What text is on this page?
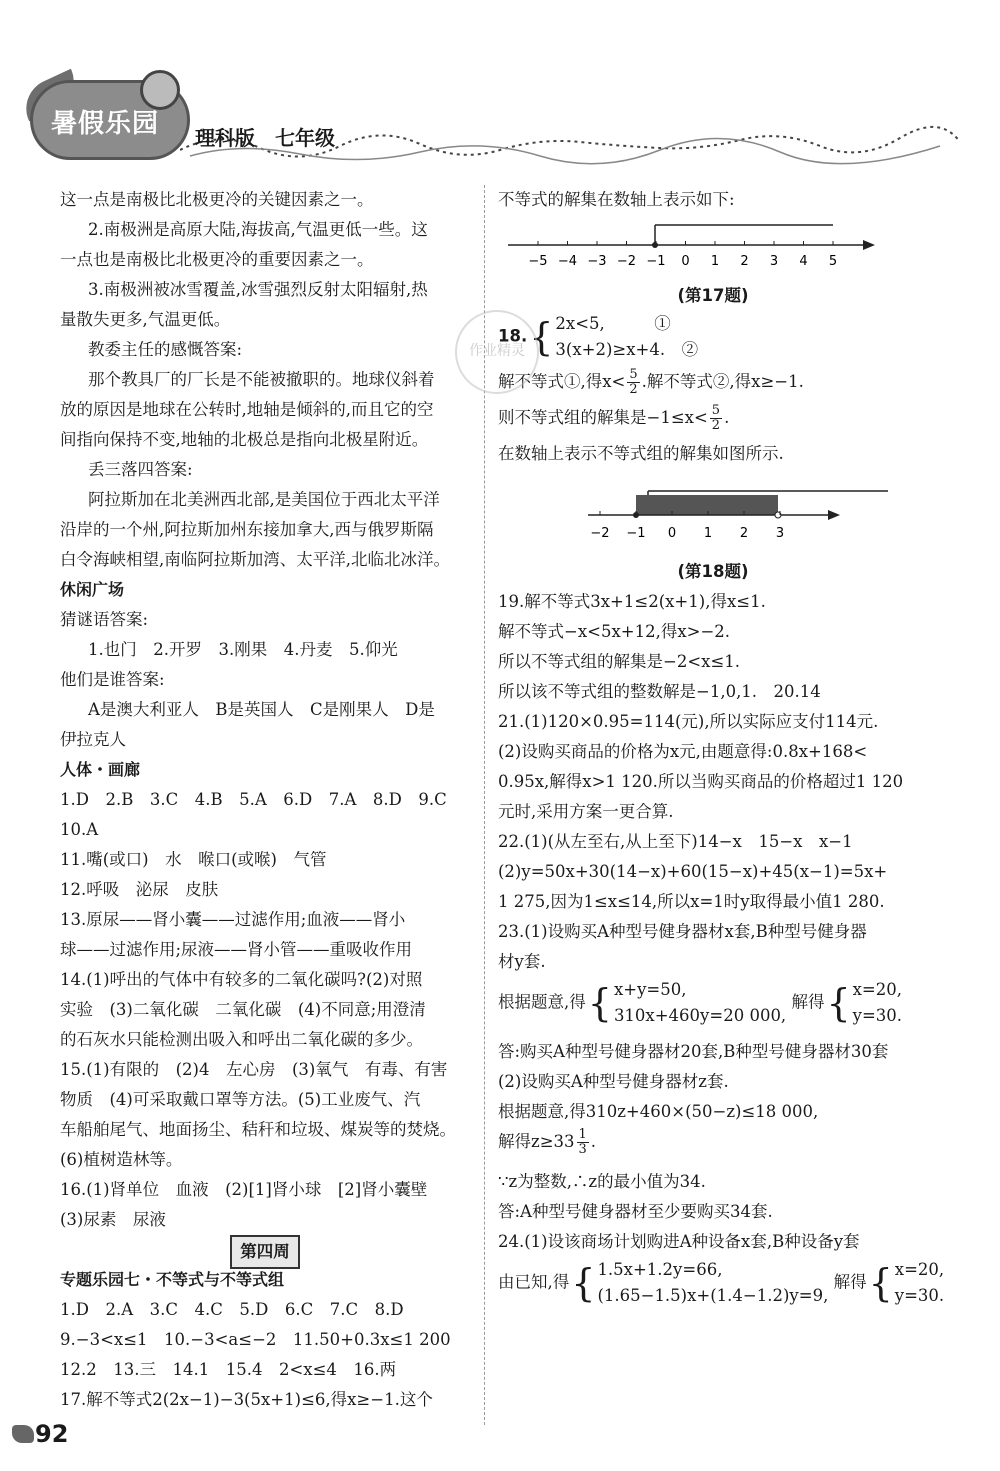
暑假乐园 理科版　七年级
这一点是南极比北极更冷的关键因素之一。
2.南极洲是高原大陆,海拔高,气温更低一些。这
一点也是南极比北极更冷的重要因素之一。
3.南极洲被冰雪覆盖,冰雪强烈反射太阳辐射,热
量散失更多,气温更低。
教委主任的感慨答案:
那个教具厂的厂长是不能被撤职的。地球仪斜着
放的原因是地球在公转时,地轴是倾斜的,而且它的空
间指向保持不变,地轴的北极总是指向北极星附近。
丢三落四答案:
阿拉斯加在北美洲西北部,是美国位于西北太平洋
沿岸的一个州,阿拉斯加州东接加拿大,西与俄罗斯隔
白令海峡相望,南临阿拉斯加湾、太平洋,北临北冰洋。
休闲广场
猜谜语答案:
1.也门　2.开罗　3.刚果　4.丹麦　5.仰光
他们是谁答案:
A是澳大利亚人　B是英国人　C是刚果人　D是
伊拉克人
人体・画廊
1.D　2.B　3.C　4.B　5.A　6.D　7.A　8.D　9.C
10.A
11.嘴(或口)　水　喉口(或喉)　气管
12.呼吸　泌尿　皮肤
13.原尿——肾小囊——过滤作用;血液——肾小
球——过滤作用;尿液——肾小管——重吸收作用
14.(1)呼出的气体中有较多的二氧化碳吗?(2)对照
实验　(3)二氧化碳　二氧化碳　(4)不同意;用澄清
的石灰水只能检测出吸入和呼出二氧化碳的多少。
15.(1)有限的　(2)4　左心房　(3)氧气　有毒、有害
物质　(4)可采取戴口罩等方法。(5)工业废气、汽
车船舶尾气、地面扬尘、秸秆和垃圾、煤炭等的焚烧。
(6)植树造林等。
16.(1)肾单位　血液　(2)[1]肾小球　[2]肾小囊壁
(3)尿素　尿液
第四周
专题乐园七・不等式与不等式组
1.D　2.A　3.C　4.C　5.D　6.C　7.C　8.D
9.−3<x≤1　10.−3<a≤−2　11.50+0.3x≤1 200
12.2　13.三　14.1　15.4　2<x≤4　16.两
17.解不等式2(2x−1)−3(5x+1)≤6,得x≥−1.这个
不等式的解集在数轴上表示如下:
−5 −4 −3 −2 −1 0 1 2 3 4 5
(第17题)
18.{ 2x<5,　　　①
3(x+2)≥x+4.　②
解不等式①,得$x< \frac{5}{2}$ .解不等式②,得x≥−1.
则不等式组的解集是$-1\le x< \frac{5}{2}$ .
在数轴上表示不等式组的解集如图所示.
−2 −1 0 1 2 3
(第18题)
19.解不等式3x+1≤2(x+1),得x≤1.
解不等式−x<5x+12,得x>−2.
所以不等式组的解集是−2<x≤1.
所以该不等式组的整数解是−1,0,1.　20.14
21.(1)120×0.95=114(元),所以实际应支付114元.
(2)设购买商品的价格为x元,由题意得:0.8x+168<
0.95x,解得x>1 120.所以当购买商品的价格超过1 120
元时,采用方案一更合算.
22.(1)(从左至右,从上至下)14−x　15−x　x−1
(2)y=50x+30(14−x)+60(15−x)+45(x−1)=5x+
1 275,因为1≤x≤14,所以x=1时y取得最小值1 280.
23.(1)设购买A种型号健身器材x套,B种型号健身器
材y套.
根据题意,得{ x+y=50,
310x+460y=20 000,
解得{ x=20,
y=30.
答:购买A种型号健身器材20套,B种型号健身器材30套
(2)设购买A种型号健身器材z套.
根据题意,得310z+460×(50−z)≤18 000,
解得$z\ge 33 \frac{1}{3}$ .
∵z为整数,∴z的最小值为34.
答:A种型号健身器材至少要购买34套.
24.(1)设该商场计划购进A种设备x套,B种设备y套
由已知,得{ 1.5x+1.2y=66,
(1.65−1.5)x+(1.4−1.2)y=9,
解得{ x=20,
y=30.
作业精灵
92
